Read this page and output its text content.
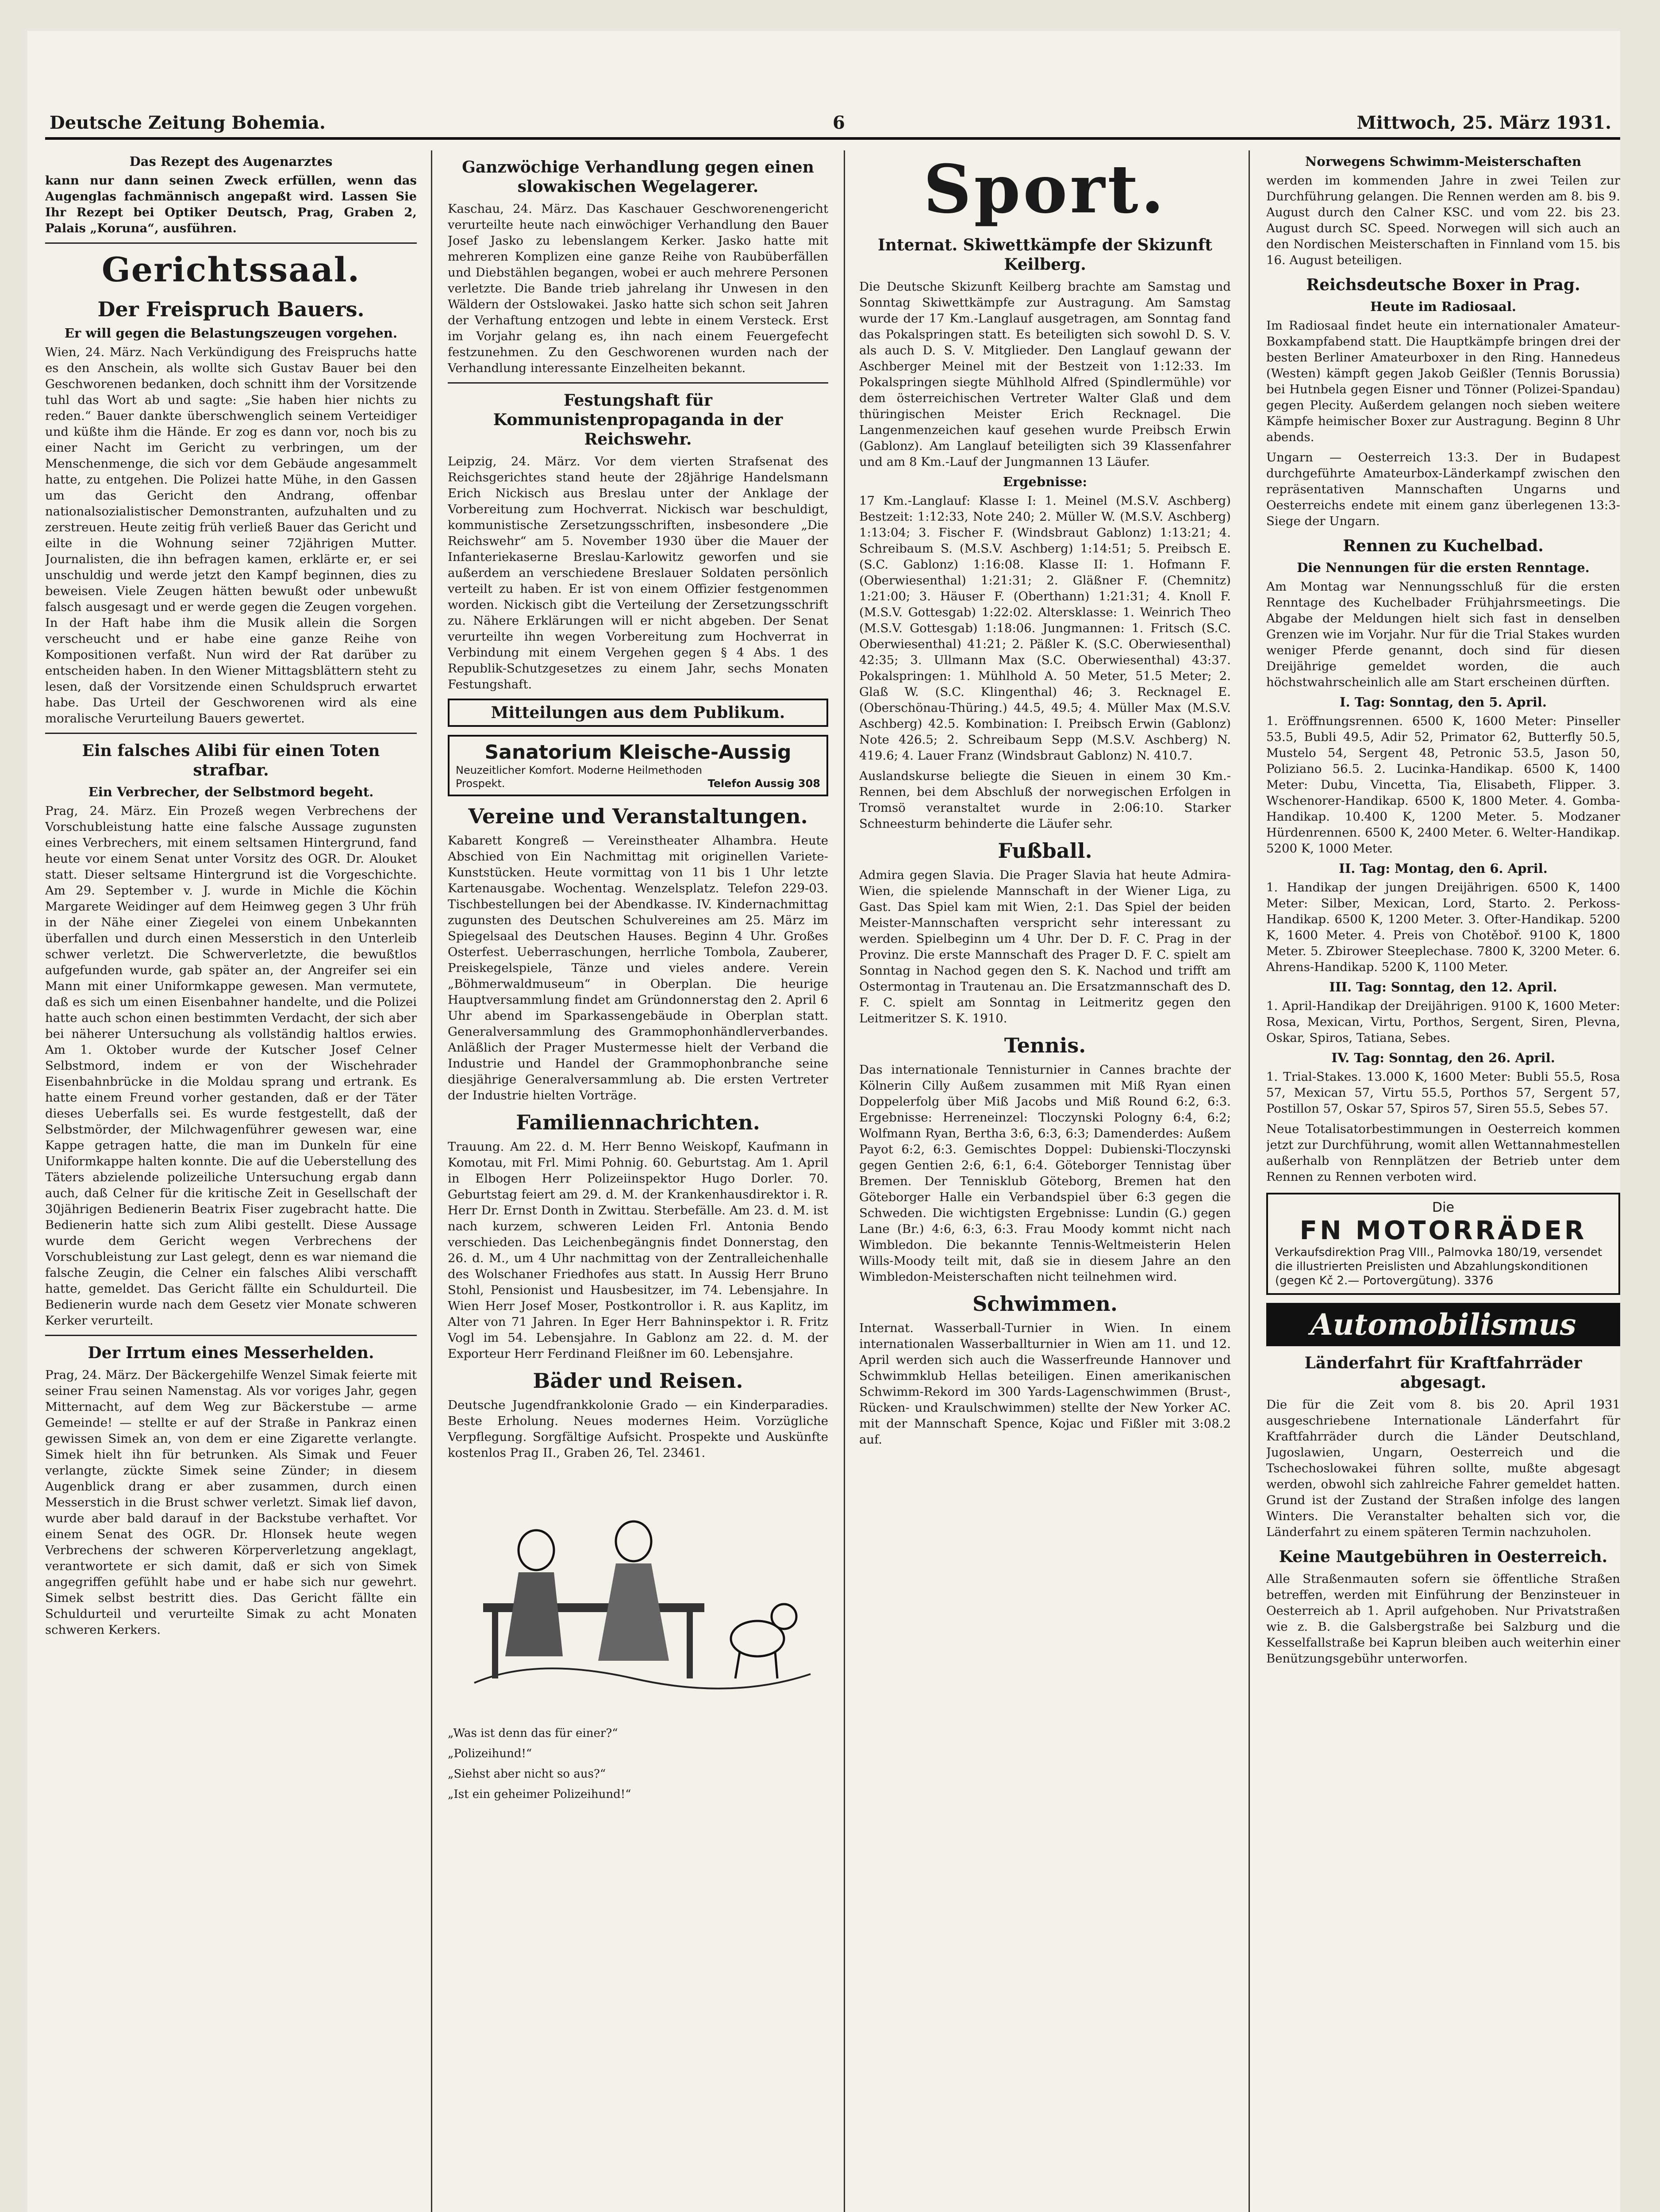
Deutsche Zeitung Bohemia.	6	Mittwoch, 25. März 1931.
Das Rezept des Augenarztes

kann nur dann seinen Zweck erfüllen, wenn das Augenglas fachmännisch angepaßt wird. Lassen Sie Ihr Rezept bei Optiker Deutsch, Prag, Graben 2, Palais „Koruna“, ausführen.

Gerichtssaal.
Der Freispruch Bauers.
Er will gegen die Belastungszeugen vorgehen.

Wien, 24. März. Nach Verkündigung des Freispruchs hatte es den Anschein, als wollte sich Gustav Bauer bei den Geschworenen bedanken, doch schnitt ihm der Vorsitzende tuhl das Wort ab und sagte: „Sie haben hier nichts zu reden.“ Bauer dankte überschwenglich seinem Verteidiger und küßte ihm die Hände. Er zog es dann vor, noch bis zu einer Nacht im Gericht zu verbringen, um der Menschenmenge, die sich vor dem Gebäude angesammelt hatte, zu entgehen. Die Polizei hatte Mühe, in den Gassen um das Gericht den Andrang, offenbar nationalsozialistischer Demonstranten, aufzuhalten und zu zerstreuen. Heute zeitig früh verließ Bauer das Gericht und eilte in die Wohnung seiner 72jährigen Mutter. Journalisten, die ihn befragen kamen, erklärte er, er sei unschuldig und werde jetzt den Kampf beginnen, dies zu beweisen. Viele Zeugen hätten bewußt oder unbewußt falsch ausgesagt und er werde gegen die Zeugen vorgehen. In der Haft habe ihm die Musik allein die Sorgen verscheucht und er habe eine ganze Reihe von Kompositionen verfaßt. Nun wird der Rat darüber zu entscheiden haben. In den Wiener Mittagsblättern steht zu lesen, daß der Vorsitzende einen Schuldspruch erwartet habe. Das Urteil der Geschworenen wird als eine moralische Verurteilung Bauers gewertet.

Ein falsches Alibi für einen Toten strafbar.
Ein Verbrecher, der Selbstmord begeht.

Prag, 24. März. Ein Prozeß wegen Verbrechens der Vorschubleistung hatte eine falsche Aussage zugunsten eines Verbrechers, mit einem seltsamen Hintergrund, fand heute vor einem Senat unter Vorsitz des OGR. Dr. Alouket statt. Dieser seltsame Hintergrund ist die Vorgeschichte. Am 29. September v. J. wurde in Michle die Köchin Margarete Weidinger auf dem Heimweg gegen 3 Uhr früh in der Nähe einer Ziegelei von einem Unbekannten überfallen und durch einen Messerstich in den Unterleib schwer verletzt. Die Schwerverletzte, die bewußtlos aufgefunden wurde, gab später an, der Angreifer sei ein Mann mit einer Uniformkappe gewesen. Man vermutete, daß es sich um einen Eisenbahner handelte, und die Polizei hatte auch schon einen bestimmten Verdacht, der sich aber bei näherer Untersuchung als vollständig haltlos erwies. Am 1. Oktober wurde der Kutscher Josef Celner Selbstmord, indem er von der Wischehrader Eisenbahnbrücke in die Moldau sprang und ertrank. Es hatte einem Freund vorher gestanden, daß er der Täter dieses Ueberfalls sei. Es wurde festgestellt, daß der Selbstmörder, der Milchwagenführer gewesen war, eine Kappe getragen hatte, die man im Dunkeln für eine Uniformkappe halten konnte. Die auf die Ueberstellung des Täters abzielende polizeiliche Untersuchung ergab dann auch, daß Celner für die kritische Zeit in Gesellschaft der 30jährigen Bedienerin Beatrix Fiser zugebracht hatte. Die Bedienerin hatte sich zum Alibi gestellt. Diese Aussage wurde dem Gericht wegen Verbrechens der Vorschubleistung zur Last gelegt, denn es war niemand die falsche Zeugin, die Celner ein falsches Alibi verschafft hatte, gemeldet. Das Gericht fällte ein Schuldurteil. Die Bedienerin wurde nach dem Gesetz vier Monate schweren Kerker verurteilt.

Der Irrtum eines Messerhelden.

Prag, 24. März. Der Bäckergehilfe Wenzel Simak feierte mit seiner Frau seinen Namenstag. Als vor voriges Jahr, gegen Mitternacht, auf dem Weg zur Bäckerstube — arme Gemeinde! — stellte er auf der Straße in Pankraz einen gewissen Simek an, von dem er eine Zigarette verlangte. Simek hielt ihn für betrunken. Als Simak und Feuer verlangte, zückte Simek seine Zünder; in diesem Augenblick drang er aber zusammen, durch einen Messerstich in die Brust schwer verletzt. Simak lief davon, wurde aber bald darauf in der Backstube verhaftet. Vor einem Senat des OGR. Dr. Hlonsek heute wegen Verbrechens der schweren Körperverletzung angeklagt, verantwortete er sich damit, daß er sich von Simek angegriffen gefühlt habe und er habe sich nur gewehrt. Simek selbst bestritt dies. Das Gericht fällte ein Schuldurteil und verurteilte Simak zu acht Monaten schweren Kerkers.

Ganzwöchige Verhandlung gegen einen slowakischen Wegelagerer.

Kaschau, 24. März. Das Kaschauer Geschworenengericht verurteilte heute nach einwöchiger Verhandlung den Bauer Josef Jasko zu lebenslangem Kerker. Jasko hatte mit mehreren Komplizen eine ganze Reihe von Raubüberfällen und Diebstählen begangen, wobei er auch mehrere Personen verletzte. Die Bande trieb jahrelang ihr Unwesen in den Wäldern der Ostslowakei. Jasko hatte sich schon seit Jahren der Verhaftung entzogen und lebte in einem Versteck. Erst im Vorjahr gelang es, ihn nach einem Feuergefecht festzunehmen. Zu den Geschworenen wurden nach der Verhandlung interessante Einzelheiten bekannt.

Festungshaft für Kommunistenpropaganda in der Reichswehr.

Leipzig, 24. März. Vor dem vierten Strafsenat des Reichsgerichtes stand heute der 28jährige Handelsmann Erich Nickisch aus Breslau unter der Anklage der Vorbereitung zum Hochverrat. Nickisch war beschuldigt, kommunistische Zersetzungsschriften, insbesondere „Die Reichswehr“ am 5. November 1930 über die Mauer der Infanteriekaserne Breslau-Karlowitz geworfen und sie außerdem an verschiedene Breslauer Soldaten persönlich verteilt zu haben. Er ist von einem Offizier festgenommen worden. Nickisch gibt die Verteilung der Zersetzungsschrift zu. Nähere Erklärungen will er nicht abgeben. Der Senat verurteilte ihn wegen Vorbereitung zum Hochverrat in Verbindung mit einem Vergehen gegen § 4 Abs. 1 des Republik-Schutzgesetzes zu einem Jahr, sechs Monaten Festungshaft.

Mitteilungen aus dem Publikum.
Sanatorium Kleische-Aussig
Neuzeitlicher Komfort. Moderne Heilmethoden
Prospekt.	Telefon Aussig 308
Vereine und Veranstaltungen.

Kabarett Kongreß — Vereinstheater Alhambra. Heute Abschied von Ein Nachmittag mit originellen Variete-Kunststücken. Heute vormittag von 11 bis 1 Uhr letzte Kartenausgabe. Wochentag. Wenzelsplatz. Telefon 229-03. Tischbestellungen bei der Abendkasse. IV. Kindernachmittag zugunsten des Deutschen Schulvereines am 25. März im Spiegelsaal des Deutschen Hauses. Beginn 4 Uhr. Großes Osterfest. Ueberraschungen, herrliche Tombola, Zauberer, Preiskegelspiele, Tänze und vieles andere. Verein „Böhmerwaldmuseum“ in Oberplan. Die heurige Hauptversammlung findet am Gründonnerstag den 2. April 6 Uhr abend im Sparkassengebäude in Oberplan statt. Generalversammlung des Grammophonhändlerverbandes. Anläßlich der Prager Mustermesse hielt der Verband die Industrie und Handel der Grammophonbranche seine diesjährige Generalversammlung ab. Die ersten Vertreter der Industrie hielten Vorträge.

Familiennachrichten.

Trauung. Am 22. d. M. Herr Benno Weiskopf, Kaufmann in Komotau, mit Frl. Mimi Pohnig. 60. Geburtstag. Am 1. April in Elbogen Herr Polizeiinspektor Hugo Dorler. 70. Geburtstag feiert am 29. d. M. der Krankenhausdirektor i. R. Herr Dr. Ernst Donth in Zwittau. Sterbefälle. Am 23. d. M. ist nach kurzem, schweren Leiden Frl. Antonia Bendo verschieden. Das Leichenbegängnis findet Donnerstag, den 26. d. M., um 4 Uhr nachmittag von der Zentralleichenhalle des Wolschaner Friedhofes aus statt. In Aussig Herr Bruno Stohl, Pensionist und Hausbesitzer, im 74. Lebensjahre. In Wien Herr Josef Moser, Postkontrollor i. R. aus Kaplitz, im Alter von 71 Jahren. In Eger Herr Bahninspektor i. R. Fritz Vogl im 54. Lebensjahre. In Gablonz am 22. d. M. der Exporteur Herr Ferdinand Fleißner im 60. Lebensjahre.

Bäder und Reisen.

Deutsche Jugendfrankkolonie Grado — ein Kinderparadies. Beste Erholung. Neues modernes Heim. Vorzügliche Verpflegung. Sorgfältige Aufsicht. Prospekte und Auskünfte kostenlos Prag II., Graben 26, Tel. 23461.

„Was ist denn das für einer?“
„Polizeihund!“
„Siehst aber nicht so aus?“
„Ist ein geheimer Polizeihund!“
Sport.
Internat. Skiwettkämpfe der Skizunft Keilberg.

Die Deutsche Skizunft Keilberg brachte am Samstag und Sonntag Skiwettkämpfe zur Austragung. Am Samstag wurde der 17 Km.-Langlauf ausgetragen, am Sonntag fand das Pokalspringen statt. Es beteiligten sich sowohl D. S. V. als auch D. S. V. Mitglieder. Den Langlauf gewann der Aschberger Meinel mit der Bestzeit von 1:12:33. Im Pokalspringen siegte Mühlhold Alfred (Spindlermühle) vor dem österreichischen Vertreter Walter Glaß und dem thüringischen Meister Erich Recknagel. Die Langenmenzeichen kauf gesehen wurde Preibsch Erwin (Gablonz). Am Langlauf beteiligten sich 39 Klassenfahrer und am 8 Km.-Lauf der Jungmannen 13 Läufer.

Ergebnisse:

17 Km.-Langlauf: Klasse I: 1. Meinel (M.S.V. Aschberg) Bestzeit: 1:12:33, Note 240; 2. Müller W. (M.S.V. Aschberg) 1:13:04; 3. Fischer F. (Windsbraut Gablonz) 1:13:21; 4. Schreibaum S. (M.S.V. Aschberg) 1:14:51; 5. Preibsch E. (S.C. Gablonz) 1:16:08. Klasse II: 1. Hofmann F. (Oberwiesenthal) 1:21:31; 2. Gläßner F. (Chemnitz) 1:21:00; 3. Häuser F. (Oberthann) 1:21:31; 4. Knoll F. (M.S.V. Gottesgab) 1:22:02. Altersklasse: 1. Weinrich Theo (M.S.V. Gottesgab) 1:18:06. Jungmannen: 1. Fritsch (S.C. Oberwiesenthal) 41:21; 2. Päßler K. (S.C. Oberwiesenthal) 42:35; 3. Ullmann Max (S.C. Oberwiesenthal) 43:37. Pokalspringen: 1. Mühlhold A. 50 Meter, 51.5 Meter; 2. Glaß W. (S.C. Klingenthal) 46; 3. Recknagel E. (Oberschönau-Thüring.) 44.5, 49.5; 4. Müller Max (M.S.V. Aschberg) 42.5. Kombination: I. Preibsch Erwin (Gablonz) Note 426.5; 2. Schreibaum Sepp (M.S.V. Aschberg) N. 419.6; 4. Lauer Franz (Windsbraut Gablonz) N. 410.7.

Auslandskurse beliegte die Sieuen in einem 30 Km.-Rennen, bei dem Abschluß der norwegischen Erfolgen in Tromsö veranstaltet wurde in 2:06:10. Starker Schneesturm behinderte die Läufer sehr.

Fußball.

Admira gegen Slavia. Die Prager Slavia hat heute Admira-Wien, die spielende Mannschaft in der Wiener Liga, zu Gast. Das Spiel kam mit Wien, 2:1. Das Spiel der beiden Meister-Mannschaften verspricht sehr interessant zu werden. Spielbeginn um 4 Uhr. Der D. F. C. Prag in der Provinz. Die erste Mannschaft des Prager D. F. C. spielt am Sonntag in Nachod gegen den S. K. Nachod und trifft am Ostermontag in Trautenau an. Die Ersatzmannschaft des D. F. C. spielt am Sonntag in Leitmeritz gegen den Leitmeritzer S. K. 1910.

Tennis.

Das internationale Tennisturnier in Cannes brachte der Kölnerin Cilly Außem zusammen mit Miß Ryan einen Doppelerfolg über Miß Jacobs und Miß Round 6:2, 6:3. Ergebnisse: Herreneinzel: Tloczynski Pologny 6:4, 6:2; Wolfmann Ryan, Bertha 3:6, 6:3, 6:3; Damenderdes: Außem Payot 6:2, 6:3. Gemischtes Doppel: Dubienski-Tloczynski gegen Gentien 2:6, 6:1, 6:4. Göteborger Tennistag über Bremen. Der Tennisklub Göteborg, Bremen hat den Göteborger Halle ein Verbandspiel über 6:3 gegen die Schweden. Die wichtigsten Ergebnisse: Lundin (G.) gegen Lane (Br.) 4:6, 6:3, 6:3. Frau Moody kommt nicht nach Wimbledon. Die bekannte Tennis-Weltmeisterin Helen Wills-Moody teilt mit, daß sie in diesem Jahre an den Wimbledon-Meisterschaften nicht teilnehmen wird.

Schwimmen.

Internat. Wasserball-Turnier in Wien. In einem internationalen Wasserballturnier in Wien am 11. und 12. April werden sich auch die Wasserfreunde Hannover und Schwimmklub Hellas beteiligen. Einen amerikanischen Schwimm-Rekord im 300 Yards-Lagenschwimmen (Brust-, Rücken- und Kraulschwimmen) stellte der New Yorker AC. mit der Mannschaft Spence, Kojac und Fißler mit 3:08.2 auf.

Norwegens Schwimm-Meisterschaften

werden im kommenden Jahre in zwei Teilen zur Durchführung gelangen. Die Rennen werden am 8. bis 9. August durch den Calner KSC. und vom 22. bis 23. August durch SC. Speed. Norwegen will sich auch an den Nordischen Meisterschaften in Finnland vom 15. bis 16. August beteiligen.

Reichsdeutsche Boxer in Prag.
Heute im Radiosaal.

Im Radiosaal findet heute ein internationaler Amateur-Boxkampfabend statt. Die Hauptkämpfe bringen drei der besten Berliner Amateurboxer in den Ring. Hannedeus (Westen) kämpft gegen Jakob Geißler (Tennis Borussia) bei Hutnbela gegen Eisner und Tönner (Polizei-Spandau) gegen Plecity. Außerdem gelangen noch sieben weitere Kämpfe heimischer Boxer zur Austragung. Beginn 8 Uhr abends.

Ungarn — Oesterreich 13:3. Der in Budapest durchgeführte Amateurbox-Länderkampf zwischen den repräsentativen Mannschaften Ungarns und Oesterreichs endete mit einem ganz überlegenen 13:3-Siege der Ungarn.

Rennen zu Kuchelbad.
Die Nennungen für die ersten Renntage.

Am Montag war Nennungsschluß für die ersten Renntage des Kuchelbader Frühjahrsmeetings. Die Abgabe der Meldungen hielt sich fast in denselben Grenzen wie im Vorjahr. Nur für die Trial Stakes wurden weniger Pferde genannt, doch sind für diesen Dreijährige gemeldet worden, die auch höchstwahrscheinlich alle am Start erscheinen dürften.

I. Tag: Sonntag, den 5. April.

1. Eröffnungsrennen. 6500 K, 1600 Meter: Pinseller 53.5, Bubli 49.5, Adir 52, Primator 62, Butterfly 50.5, Mustelo 54, Sergent 48, Petronic 53.5, Jason 50, Poliziano 56.5. 2. Lucinka-Handikap. 6500 K, 1400 Meter: Dubu, Vincetta, Tia, Elisabeth, Flipper. 3. Wschenorer-Handikap. 6500 K, 1800 Meter. 4. Gomba-Handikap. 10.400 K, 1200 Meter. 5. Modzaner Hürdenrennen. 6500 K, 2400 Meter. 6. Welter-Handikap. 5200 K, 1000 Meter.

II. Tag: Montag, den 6. April.

1. Handikap der jungen Dreijährigen. 6500 K, 1400 Meter: Silber, Mexican, Lord, Starto. 2. Perkoss-Handikap. 6500 K, 1200 Meter. 3. Ofter-Handikap. 5200 K, 1600 Meter. 4. Preis von Chotěboř. 9100 K, 1800 Meter. 5. Zbirower Steeplechase. 7800 K, 3200 Meter. 6. Ahrens-Handikap. 5200 K, 1100 Meter.

III. Tag: Sonntag, den 12. April.

1. April-Handikap der Dreijährigen. 9100 K, 1600 Meter: Rosa, Mexican, Virtu, Porthos, Sergent, Siren, Plevna, Oskar, Spiros, Tatiana, Sebes.

IV. Tag: Sonntag, den 26. April.

1. Trial-Stakes. 13.000 K, 1600 Meter: Bubli 55.5, Rosa 57, Mexican 57, Virtu 55.5, Porthos 57, Sergent 57, Postillon 57, Oskar 57, Spiros 57, Siren 55.5, Sebes 57.

Neue Totalisatorbestimmungen in Oesterreich kommen jetzt zur Durchführung, womit allen Wettannahmestellen außerhalb von Rennplätzen der Betrieb unter dem Rennen zu Rennen verboten wird.

Die
FN MOTORRÄDER
Verkaufsdirektion Prag VIII., Palmovka 180/19, versendet die illustrierten Preislisten und Abzahlungskonditionen (gegen Kč 2.— Portovergütung). 3376
Automobilismus
Länderfahrt für Kraftfahrräder abgesagt.

Die für die Zeit vom 8. bis 20. April 1931 ausgeschriebene Internationale Länderfahrt für Kraftfahrräder durch die Länder Deutschland, Jugoslawien, Ungarn, Oesterreich und die Tschechoslowakei führen sollte, mußte abgesagt werden, obwohl sich zahlreiche Fahrer gemeldet hatten. Grund ist der Zustand der Straßen infolge des langen Winters. Die Veranstalter behalten sich vor, die Länderfahrt zu einem späteren Termin nachzuholen.

Keine Mautgebühren in Oesterreich.

Alle Straßenmauten sofern sie öffentliche Straßen betreffen, werden mit Einführung der Benzinsteuer in Oesterreich ab 1. April aufgehoben. Nur Privatstraßen wie z. B. die Galsbergstraße bei Salzburg und die Kesselfallstraße bei Kaprun bleiben auch weiterhin einer Benützungsgebühr unterworfen.
